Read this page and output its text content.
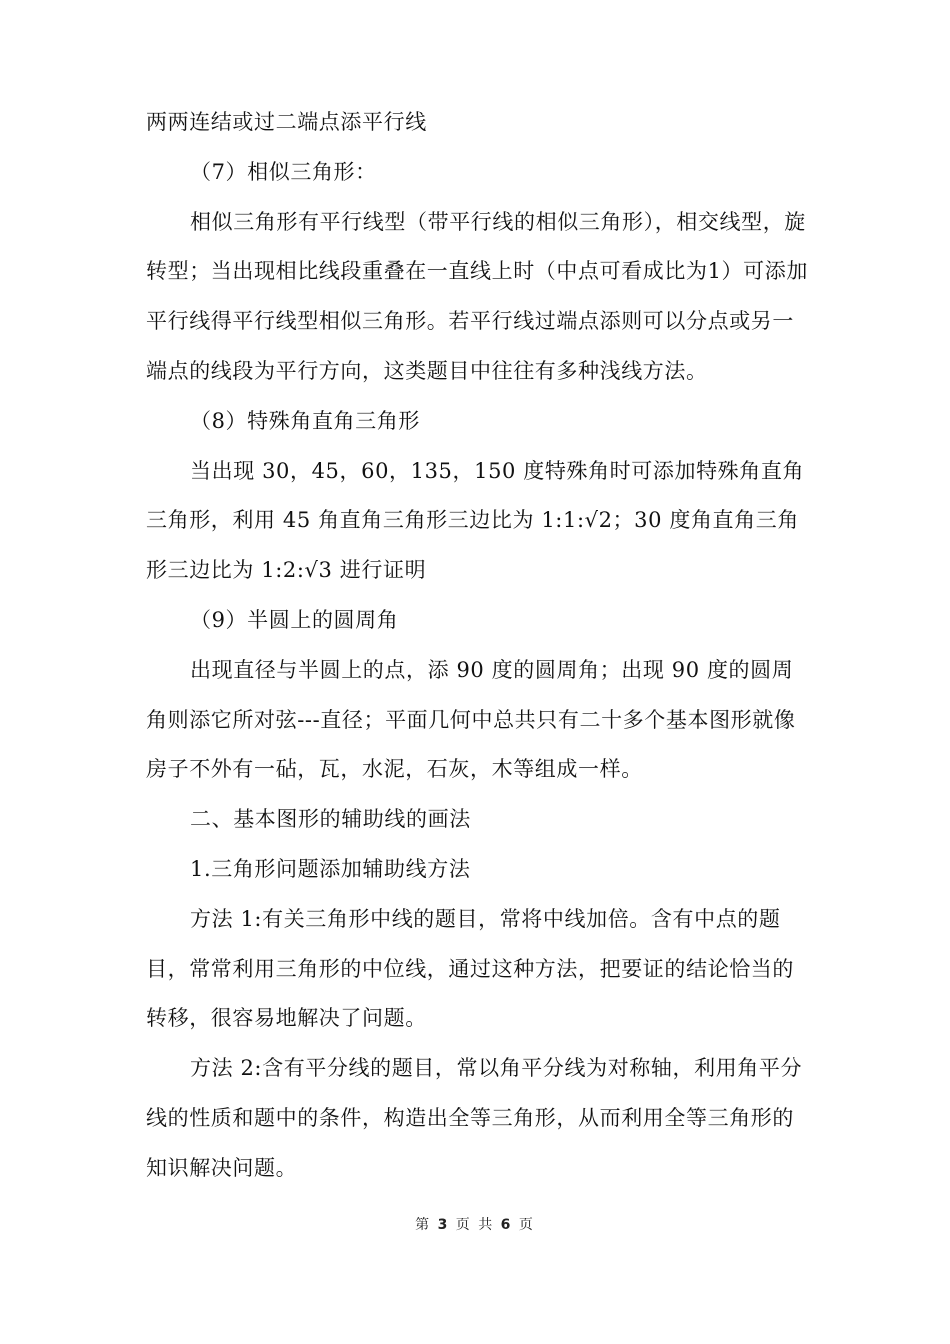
两两连结或过二端点添平行线

（7）相似三角形：

相似三角形有平行线型（带平行线的相似三角形），相交线型，旋转型；当出现相比线段重叠在一直线上时（中点可看成比为1）可添加平行线得平行线型相似三角形。若平行线过端点添则可以分点或另一端点的线段为平行方向，这类题目中往往有多种浅线方法。

（8）特殊角直角三角形

当出现 30，45，60，135，150 度特殊角时可添加特殊角直角三角形，利用 45 角直角三角形三边比为 1:1:√2；30 度角直角三角形三边比为 1:2:√3 进行证明

（9）半圆上的圆周角

出现直径与半圆上的点，添 90 度的圆周角；出现 90 度的圆周角则添它所对弦---直径；平面几何中总共只有二十多个基本图形就像房子不外有一砧，瓦，水泥，石灰，木等组成一样。

二、基本图形的辅助线的画法

1.三角形问题添加辅助线方法

方法 1:有关三角形中线的题目，常将中线加倍。含有中点的题目，常常利用三角形的中位线，通过这种方法，把要证的结论恰当的转移，很容易地解决了问题。

方法 2:含有平分线的题目，常以角平分线为对称轴，利用角平分线的性质和题中的条件，构造出全等三角形，从而利用全等三角形的知识解决问题。

第 3 页 共 6 页
